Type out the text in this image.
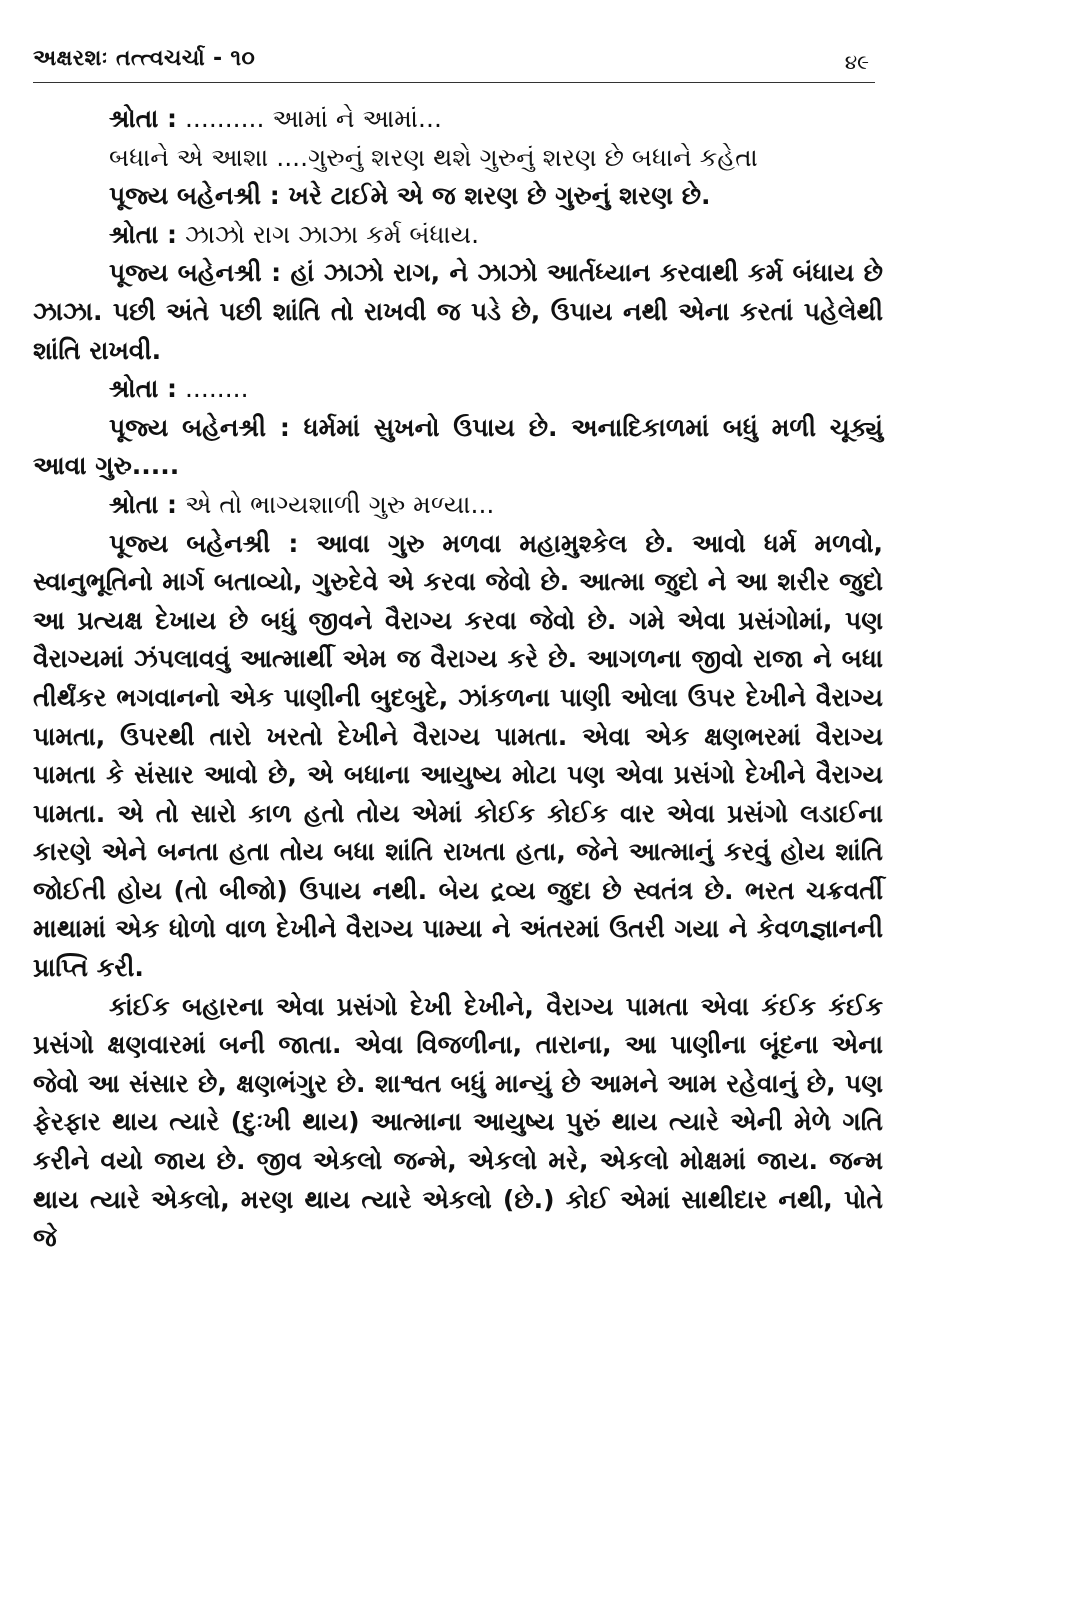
અક્ષરશઃ તત્ત્વચર્ચા - ૧૦	૪૯

શ્રોતા : .......... આમાં ને આમાં...

બધાને એ આશા ....ગુરુનું શરણ થશે ગુરુનું શરણ છે બધાને કહેતા

પૂજ્ય બહેનશ્રી : ખરે ટાઈમે એ જ શરણ છે ગુરુનું શરણ છે.

શ્રોતા : ઝાઝો રાગ ઝાઝા કર્મ બંધાય.

પૂજ્ય બહેનશ્રી : હાં ઝાઝો રાગ, ને ઝાઝો આર્તધ્યાન કરવાથી કર્મ બંધાય છે ઝાઝા. પછી અંતે પછી શાંતિ તો રાખવી જ પડે છે, ઉપાય નથી એના કરતાં પહેલેથી શાંતિ રાખવી.

શ્રોતા : ........

પૂજ્ય બહેનશ્રી : ધર્મમાં સુખનો ઉપાય છે. અનાદિકાળમાં બધું મળી ચૂક્યું આવા ગુરુ.....

શ્રોતા : એ તો ભાગ્યશાળી ગુરુ મળ્યા...

પૂજ્ય બહેનશ્રી : આવા ગુરુ મળવા મહામુશ્કેલ છે. આવો ધર્મ મળવો, સ્વાનુભૂતિનો માર્ગ બતાવ્યો, ગુરુદેવે એ કરવા જેવો છે. આત્મા જુદો ને આ શરીર જુદો આ પ્રત્યક્ષ દેખાય છે બધું જીવને વૈરાગ્ય કરવા જેવો છે. ગમે એવા પ્રસંગોમાં, પણ વૈરાગ્યમાં ઝંપલાવવું આત્માર્થી એમ જ વૈરાગ્ય કરે છે. આગળના જીવો રાજા ને બધા તીર્થંકર ભગવાનનો એક પાણીની બુદબુદે, ઝાંકળના પાણી ઓલા ઉપર દેખીને વૈરાગ્ય પામતા, ઉપરથી તારો ખરતો દેખીને વૈરાગ્ય પામતા. એવા એક ક્ષણભરમાં વૈરાગ્ય પામતા કે સંસાર આવો છે, એ બધાના આયુષ્ય મોટા પણ એવા પ્રસંગો દેખીને વૈરાગ્ય પામતા. એ તો સારો કાળ હતો તોય એમાં કોઈક કોઈક વાર એવા પ્રસંગો લડાઈના કારણે એને બનતા હતા તોય બધા શાંતિ રાખતા હતા, જેને આત્માનું કરવું હોય શાંતિ જોઈતી હોય (તો બીજો) ઉપાય નથી. બેય દ્રવ્ય જુદા છે સ્વતંત્ર છે. ભરત ચક્રવર્તી માથામાં એક ધોળો વાળ દેખીને વૈરાગ્ય પામ્યા ને અંતરમાં ઉતરી ગયા ને કેવળજ્ઞાનની પ્રાપ્તિ કરી.

કાંઈક બહારના એવા પ્રસંગો દેખી દેખીને, વૈરાગ્ય પામતા એવા કંઈક કંઈક પ્રસંગો ક્ષણવારમાં બની જાતા. એવા વિજળીના, તારાના, આ પાણીના બૂંદના એના જેવો આ સંસાર છે, ક્ષણભંગુર છે. શાશ્વત બધું માન્યું છે આમને આમ રહેવાનું છે, પણ ફેરફાર થાય ત્યારે (દુઃખી થાય) આત્માના આયુષ્ય પુરું થાય ત્યારે એની મેળે ગતિ કરીને વયો જાય છે. જીવ એકલો જન્મે, એકલો મરે, એકલો મોક્ષમાં જાય. જન્મ થાય ત્યારે એકલો, મરણ થાય ત્યારે એકલો (છે.) કોઈ એમાં સાથીદાર નથી, પોતે જે
